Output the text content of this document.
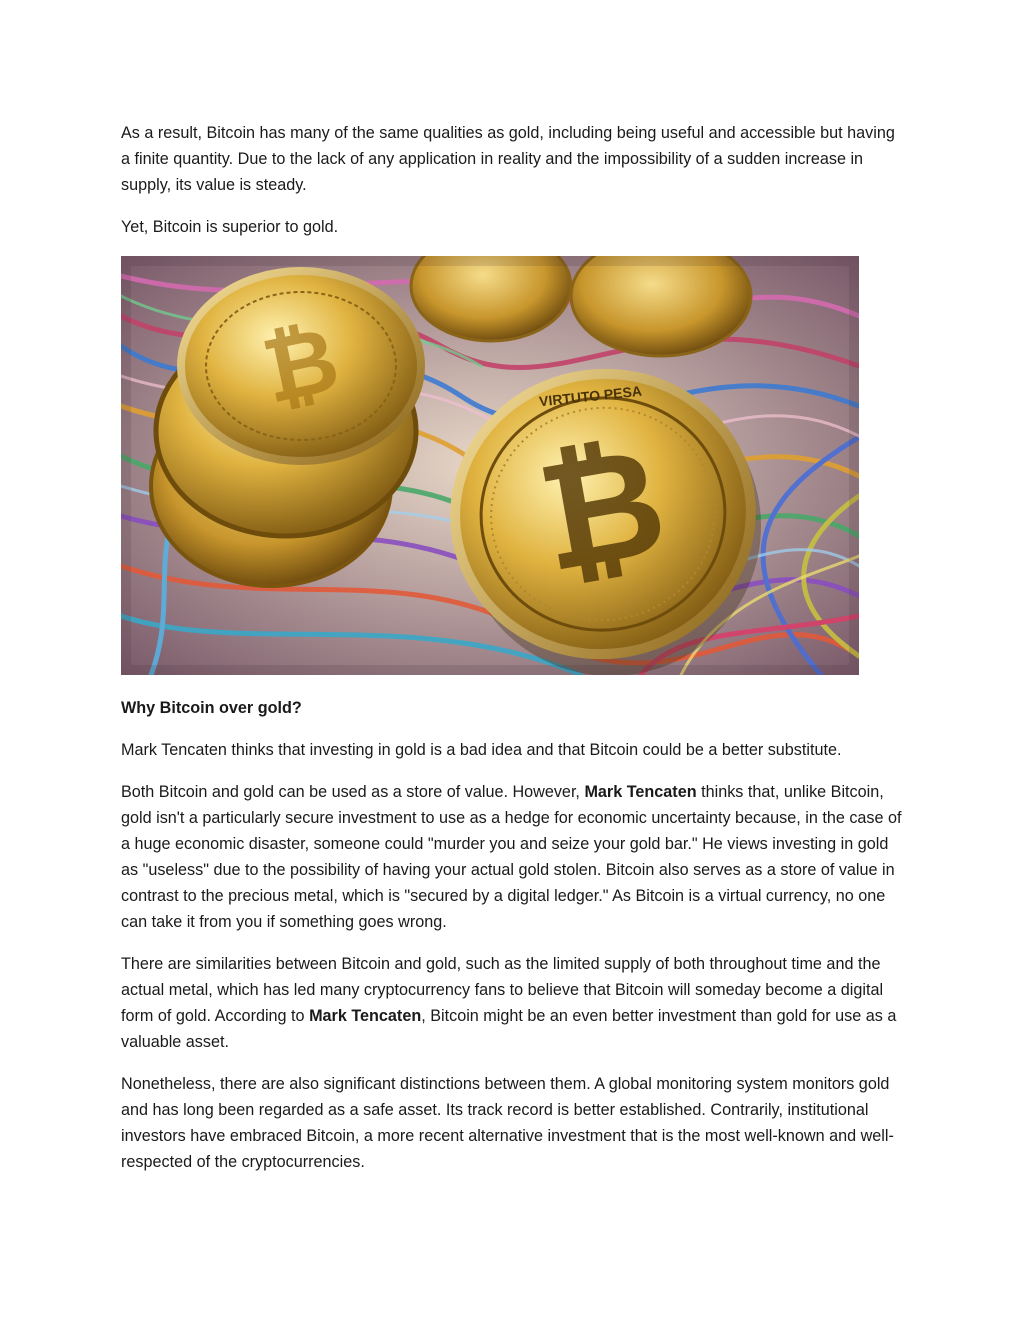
As a result, Bitcoin has many of the same qualities as gold, including being useful and accessible but having a finite quantity. Due to the lack of any application in reality and the impossibility of a sudden increase in supply, its value is steady.

Yet, Bitcoin is superior to gold.

₿
₿
VIRTUTO PESA

Why Bitcoin over gold?

Mark Tencaten thinks that investing in gold is a bad idea and that Bitcoin could be a better substitute.

Both Bitcoin and gold can be used as a store of value. However, Mark Tencaten thinks that, unlike Bitcoin, gold isn't a particularly secure investment to use as a hedge for economic uncertainty because, in the case of a huge economic disaster, someone could "murder you and seize your gold bar." He views investing in gold as "useless" due to the possibility of having your actual gold stolen. Bitcoin also serves as a store of value in contrast to the precious metal, which is "secured by a digital ledger." As Bitcoin is a virtual currency, no one can take it from you if something goes wrong.

There are similarities between Bitcoin and gold, such as the limited supply of both throughout time and the actual metal, which has led many cryptocurrency fans to believe that Bitcoin will someday become a digital form of gold. According to Mark Tencaten, Bitcoin might be an even better investment than gold for use as a valuable asset.

Nonetheless, there are also significant distinctions between them. A global monitoring system monitors gold and has long been regarded as a safe asset. Its track record is better established. Contrarily, institutional investors have embraced Bitcoin, a more recent alternative investment that is the most well-known and well-respected of the cryptocurrencies.
